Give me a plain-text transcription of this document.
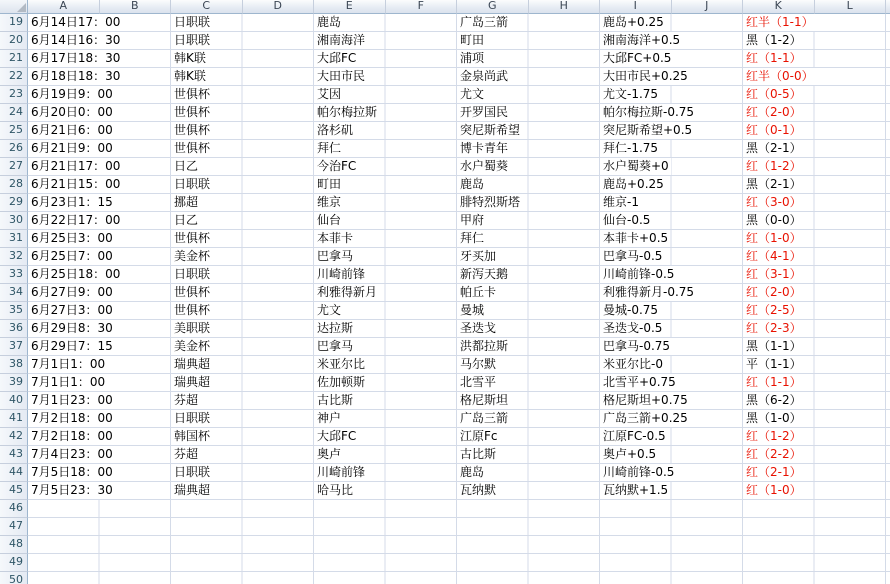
A	B	C	D	E	F	G	H	I	J	K	L
19 6月14日17：00	日职联	鹿岛	广岛三箭	鹿岛+0.25	红半（1-1）
20 6月14日16：30	日职联	湘南海洋	町田	湘南海洋+0.5	黑（1-2）
21 6月17日18：30	韩K联	大邱FC	浦项	大邱FC+0.5	红（1-1）
22 6月18日18：30	韩K联	大田市民	金泉尚武	大田市民+0.25	红半（0-0）
23 6月19日9：00	世俱杯	艾因	尤文	尤文-1.75	红（0-5）
24 6月20日0：00	世俱杯	帕尔梅拉斯	开罗国民	帕尔梅拉斯-0.75	红（2-0）
25 6月21日6：00	世俱杯	洛杉矶	突尼斯希望	突尼斯希望+0.5	红（0-1）
26 6月21日9：00	世俱杯	拜仁	博卡青年	拜仁-1.75	黑（2-1）
27 6月21日17：00	日乙	今治FC	水户蜀葵	水户蜀葵+0	红（1-2）
28 6月21日15：00	日职联	町田	鹿岛	鹿岛+0.25	黑（2-1）
29 6月23日1：15	挪超	维京	腓特烈斯塔	维京-1	红（3-0）
30 6月22日17：00	日乙	仙台	甲府	仙台-0.5	黑（0-0）
31 6月25日3：00	世俱杯	本菲卡	拜仁	本菲卡+0.5	红（1-0）
32 6月25日7：00	美金杯	巴拿马	牙买加	巴拿马-0.5	红（4-1）
33 6月25日18：00	日职联	川崎前锋	新泻天鹅	川崎前锋-0.5	红（3-1）
34 6月27日9：00	世俱杯	利雅得新月	帕丘卡	利雅得新月-0.75	红（2-0）
35 6月27日3：00	世俱杯	尤文	曼城	曼城-0.75	红（2-5）
36 6月29日8：30	美职联	达拉斯	圣迭戈	圣迭戈-0.5	红（2-3）
37 6月29日7：15	美金杯	巴拿马	洪都拉斯	巴拿马-0.75	黑（1-1）
38 7月1日1：00	瑞典超	米亚尔比	马尔默	米亚尔比-0	平（1-1）
39 7月1日1：00	瑞典超	佐加顿斯	北雪平	北雪平+0.75	红（1-1）
40 7月1日23：00	芬超	古比斯	格尼斯坦	格尼斯坦+0.75	黑（6-2）
41 7月2日18：00	日职联	神户	广岛三箭	广岛三箭+0.25	黑（1-0）
42 7月2日18：00	韩国杯	大邱FC	江原Fc	江原FC-0.5	红（1-2）
43 7月4日23：00	芬超	奥卢	古比斯	奥卢+0.5	红（2-2）
44 7月5日18：00	日职联	川崎前锋	鹿岛	川崎前锋-0.5	红（2-1）
45 7月5日23：30	瑞典超	哈马比	瓦纳默	瓦纳默+1.5	红（1-0）
46
47
48
49
50
